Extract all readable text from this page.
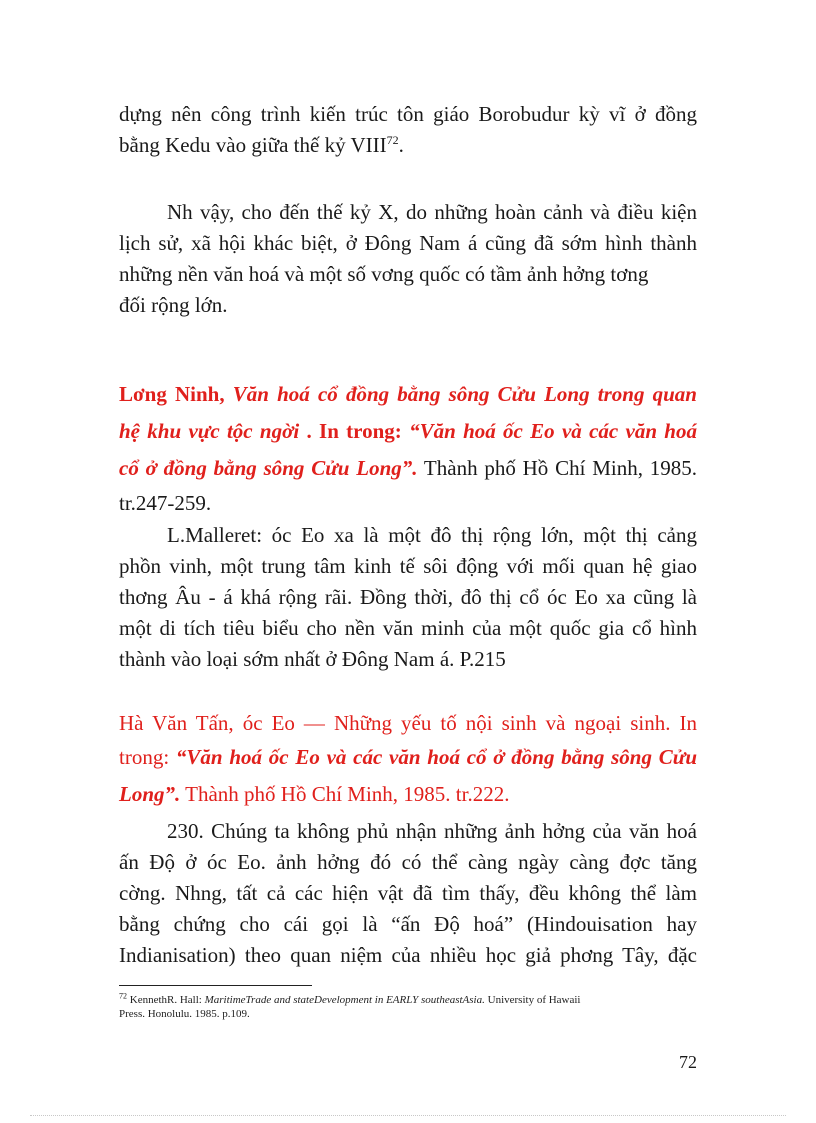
dựng nên công trình kiến trúc tôn giáo Borobudur kỳ vĩ ở đồng
bằng Kedu vào giữa thế kỷ VIII$^{72}$.
Nh vậy, cho đến thế kỷ X, do những hoàn cảnh và điều kiện
lịch sử, xã hội khác biệt, ở Đông Nam á cũng đã sớm hình thành
những nền văn hoá và một số vơng quốc có tầm ảnh hởng tơng
đối rộng lớn.
Lơng Ninh, Văn hoá cổ đồng bằng sông Cửu Long trong quan
hệ khu vực tộc ngời . In trong: “Văn hoá ốc Eo và các văn hoá
cổ ở đồng bằng sông Cửu Long”. Thành phố Hồ Chí Minh, 1985.
tr.247-259.
L.Malleret: óc Eo xa là một đô thị rộng lớn, một thị cảng
phồn vinh, một trung tâm kinh tế sôi động với mối quan hệ giao
thơng Âu - á khá rộng rãi. Đồng thời, đô thị cổ óc Eo xa cũng là
một di tích tiêu biểu cho nền văn minh của một quốc gia cổ hình
thành vào loại sớm nhất ở Đông Nam á. P.215
Hà Văn Tấn, óc Eo — Những yếu tố nội sinh và ngoại sinh. In
trong: “Văn hoá ốc Eo và các văn hoá cổ ở đồng bằng sông Cửu
Long”. Thành phố Hồ Chí Minh, 1985. tr.222.
230. Chúng ta không phủ nhận những ảnh hởng của văn hoá
ấn Độ ở óc Eo. ảnh hởng đó có thể càng ngày càng đợc tăng
cờng. Nhng, tất cả các hiện vật đã tìm thấy, đều không thể làm
bằng chứng cho cái gọi là “ấn Độ hoá” (Hindouisation hay
Indianisation) theo quan niệm của nhiều học giả phơng Tây, đặc
$^{72}$ KennethR. Hall: MaritimeTrade and stateDevelopment in EARLY southeastAsia. University of Hawaii
Press. Honolulu. 1985. p.109.
72
